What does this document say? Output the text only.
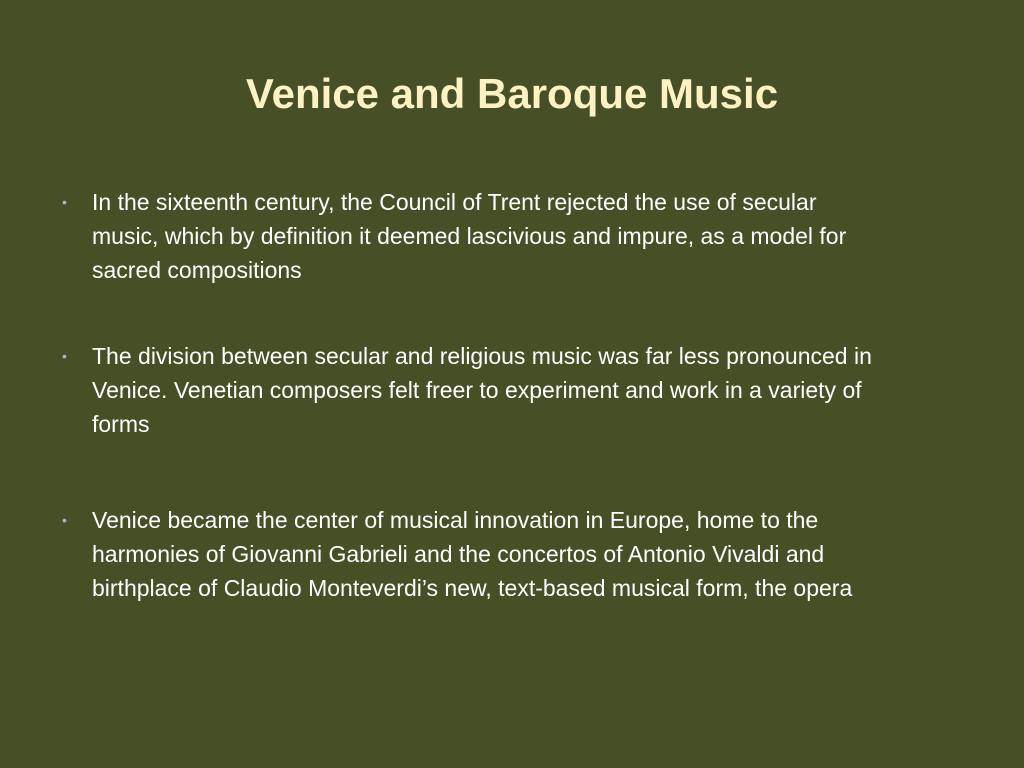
Venice and Baroque Music
•	In the sixteenth century, the Council of Trent rejected the use of secular music, which by definition it deemed lascivious and impure, as a model for sacred compositions
•	The division between secular and religious music was far less pronounced in Venice. Venetian composers felt freer to experiment and work in a variety of forms
•	Venice became the center of musical innovation in Europe, home to the harmonies of Giovanni Gabrieli and the concertos of Antonio Vivaldi and birthplace of Claudio Monteverdi’s new, text-based musical form, the opera
